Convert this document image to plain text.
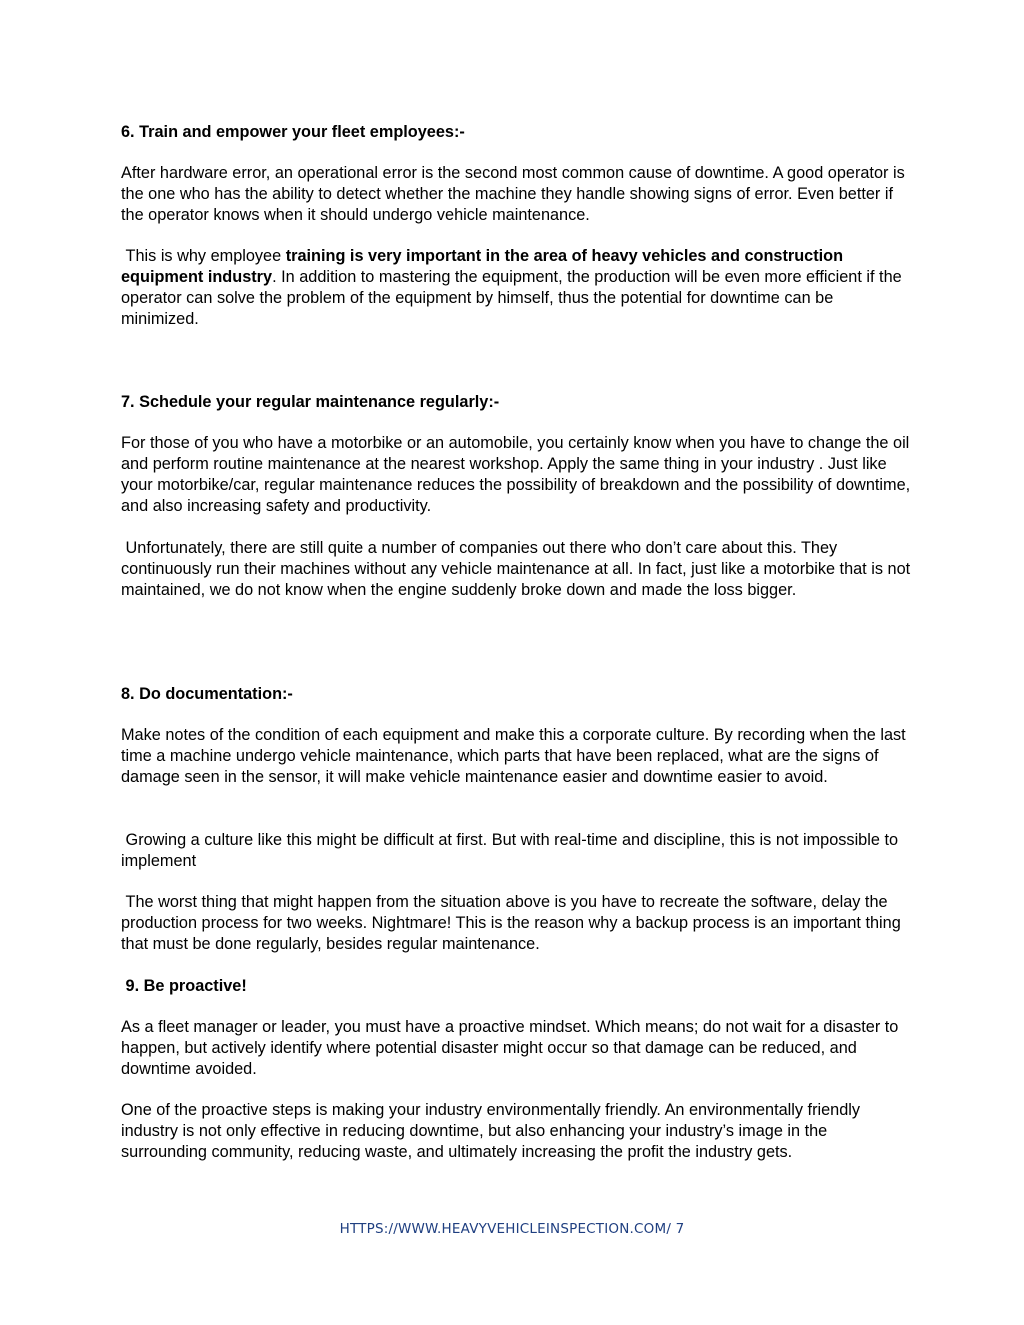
6. Train and empower your fleet employees:-

After hardware error, an operational error is the second most common cause of downtime. A good operator is the one who has the ability to detect whether the machine they handle showing signs of error. Even better if the operator knows when it should undergo vehicle maintenance.

This is why employee training is very important in the area of heavy vehicles and construction equipment industry. In addition to mastering the equipment, the production will be even more efficient if the operator can solve the problem of the equipment by himself, thus the potential for downtime can be minimized.

7. Schedule your regular maintenance regularly:-

For those of you who have a motorbike or an automobile, you certainly know when you have to change the oil and perform routine maintenance at the nearest workshop. Apply the same thing in your industry . Just like your motorbike/car, regular maintenance reduces the possibility of breakdown and the possibility of downtime, and also increasing safety and productivity.

Unfortunately, there are still quite a number of companies out there who don’t care about this. They continuously run their machines without any vehicle maintenance at all. In fact, just like a motorbike that is not maintained, we do not know when the engine suddenly broke down and made the loss bigger.

8. Do documentation:-

Make notes of the condition of each equipment and make this a corporate culture. By recording when the last time a machine undergo vehicle maintenance, which parts that have been replaced, what are the signs of damage seen in the sensor, it will make vehicle maintenance easier and downtime easier to avoid.

Growing a culture like this might be difficult at first. But with real-time and discipline, this is not impossible to implement

The worst thing that might happen from the situation above is you have to recreate the software, delay the production process for two weeks. Nightmare! This is the reason why a backup process is an important thing that must be done regularly, besides regular maintenance.

9. Be proactive!

As a fleet manager or leader, you must have a proactive mindset. Which means; do not wait for a disaster to happen, but actively identify where potential disaster might occur so that damage can be reduced, and downtime avoided.

One of the proactive steps is making your industry environmentally friendly. An environmentally friendly industry is not only effective in reducing downtime, but also enhancing your industry’s image in the surrounding community, reducing waste, and ultimately increasing the profit the industry gets.

HTTPS://WWW.HEAVYVEHICLEINSPECTION.COM/ 7
